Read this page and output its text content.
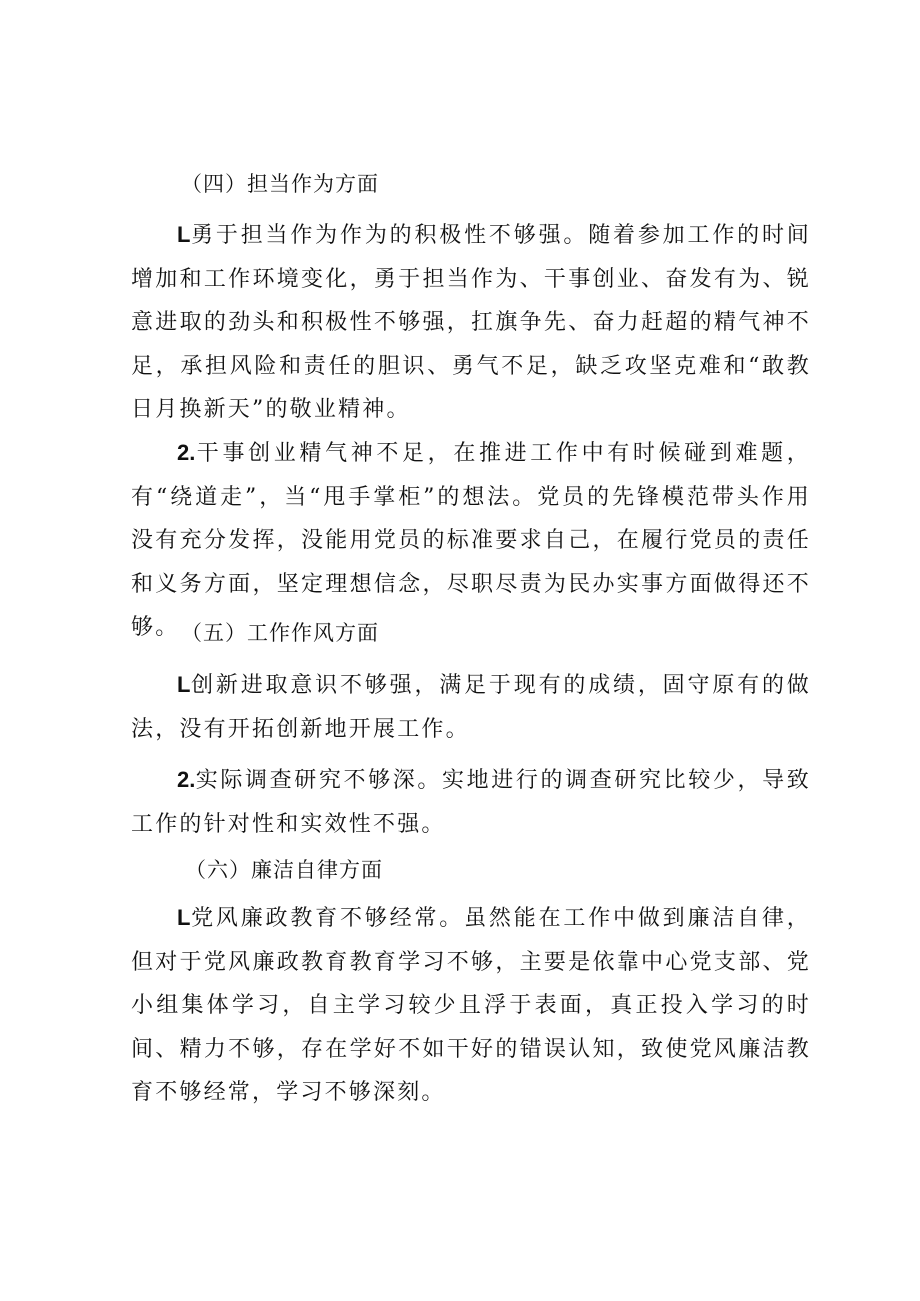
（四）担当作为方面

L勇于担当作为作为的积极性不够强。随着参加工作的时间增加和工作环境变化，勇于担当作为、干事创业、奋发有为、锐意进取的劲头和积极性不够强，扛旗争先、奋力赶超的精气神不足，承担风险和责任的胆识、勇气不足，缺乏攻坚克难和“敢教日月换新天”的敬业精神。

2.干事创业精气神不足，在推进工作中有时候碰到难题，有“绕道走”，当“甩手掌柜”的想法。党员的先锋模范带头作用没有充分发挥，没能用党员的标准要求自己，在履行党员的责任和义务方面，坚定理想信念，尽职尽责为民办实事方面做得还不够。 （五）工作作风方面

L创新进取意识不够强，满足于现有的成绩，固守原有的做法，没有开拓创新地开展工作。

2.实际调查研究不够深。实地进行的调查研究比较少，导致工作的针对性和实效性不强。

（六）廉洁自律方面

L党风廉政教育不够经常。虽然能在工作中做到廉洁自律，但对于党风廉政教育教育学习不够，主要是依靠中心党支部、党小组集体学习，自主学习较少且浮于表面，真正投入学习的时间、精力不够，存在学好不如干好的错误认知，致使党风廉洁教育不够经常，学习不够深刻。
